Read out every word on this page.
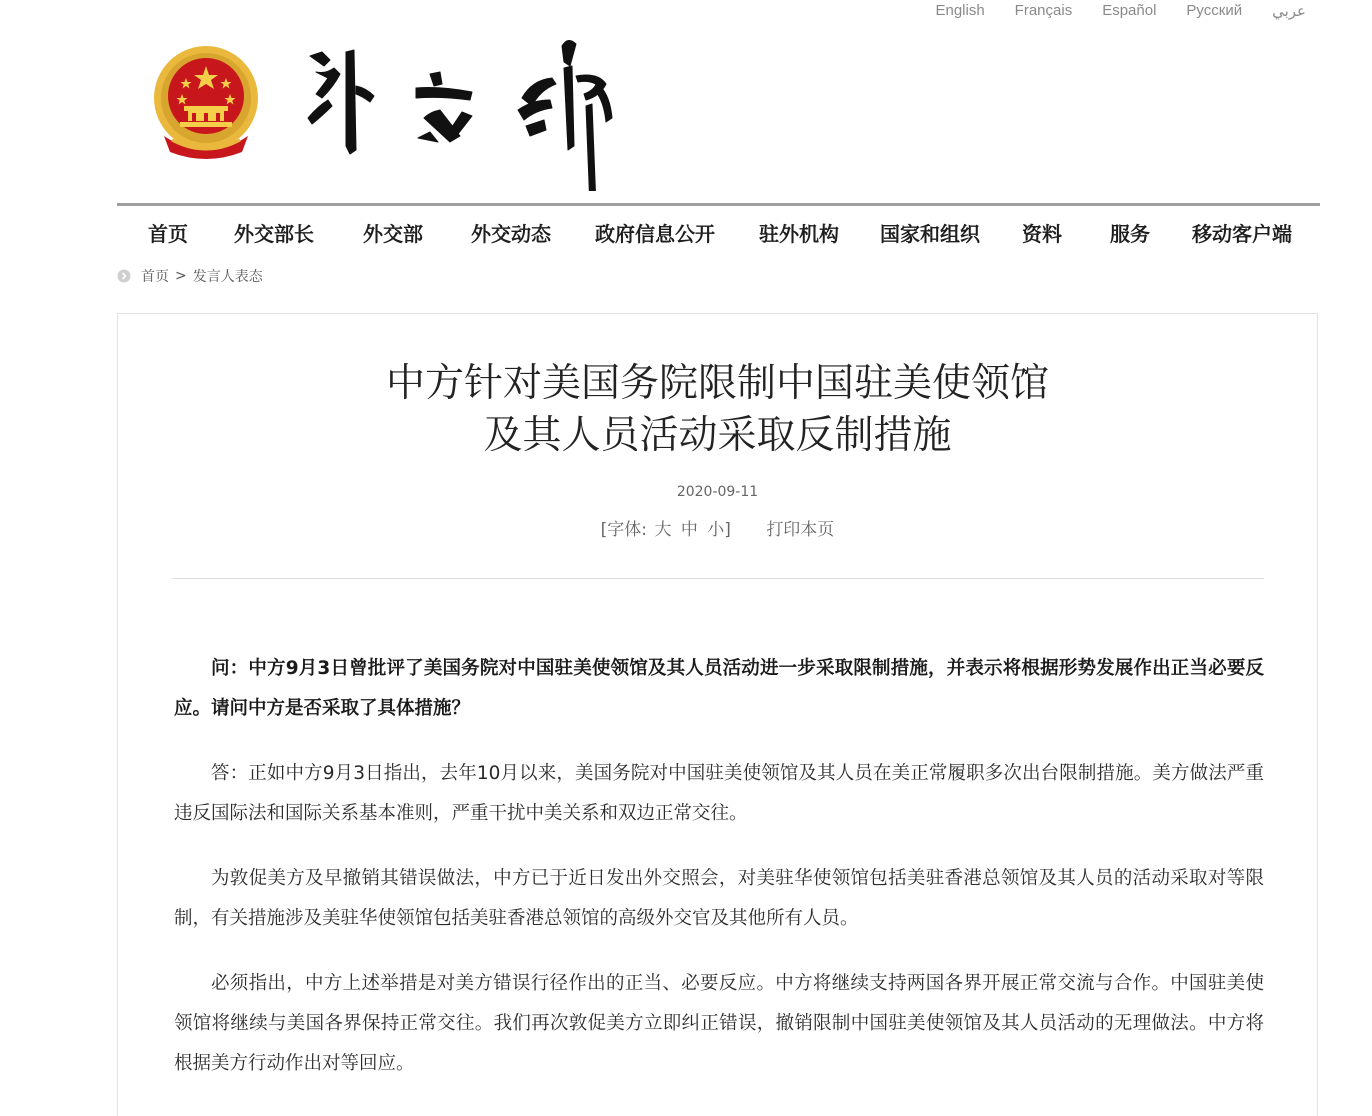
English Français Español Русский عربي
首页 外交部长 外交部 外交动态 政府信息公开 驻外机构 国家和组织 资料 服务 移动客户端
首页 > 发言人表态
中方针对美国务院限制中国驻美使领馆
及其人员活动采取反制措施
2020-09-11
[字体: 大 中 小] 打印本页

问：中方9月3日曾批评了美国务院对中国驻美使领馆及其人员活动进一步采取限制措施，并表示将根据形势发展作出正当必要反应。请问中方是否采取了具体措施？

答：正如中方9月3日指出，去年10月以来，美国务院对中国驻美使领馆及其人员在美正常履职多次出台限制措施。美方做法严重违反国际法和国际关系基本准则，严重干扰中美关系和双边正常交往。

为敦促美方及早撤销其错误做法，中方已于近日发出外交照会，对美驻华使领馆包括美驻香港总领馆及其人员的活动采取对等限制，有关措施涉及美驻华使领馆包括美驻香港总领馆的高级外交官及其他所有人员。

必须指出，中方上述举措是对美方错误行径作出的正当、必要反应。中方将继续支持两国各界开展正常交流与合作。中国驻美使领馆将继续与美国各界保持正常交往。我们再次敦促美方立即纠正错误，撤销限制中国驻美使领馆及其人员活动的无理做法。中方将根据美方行动作出对等回应。
